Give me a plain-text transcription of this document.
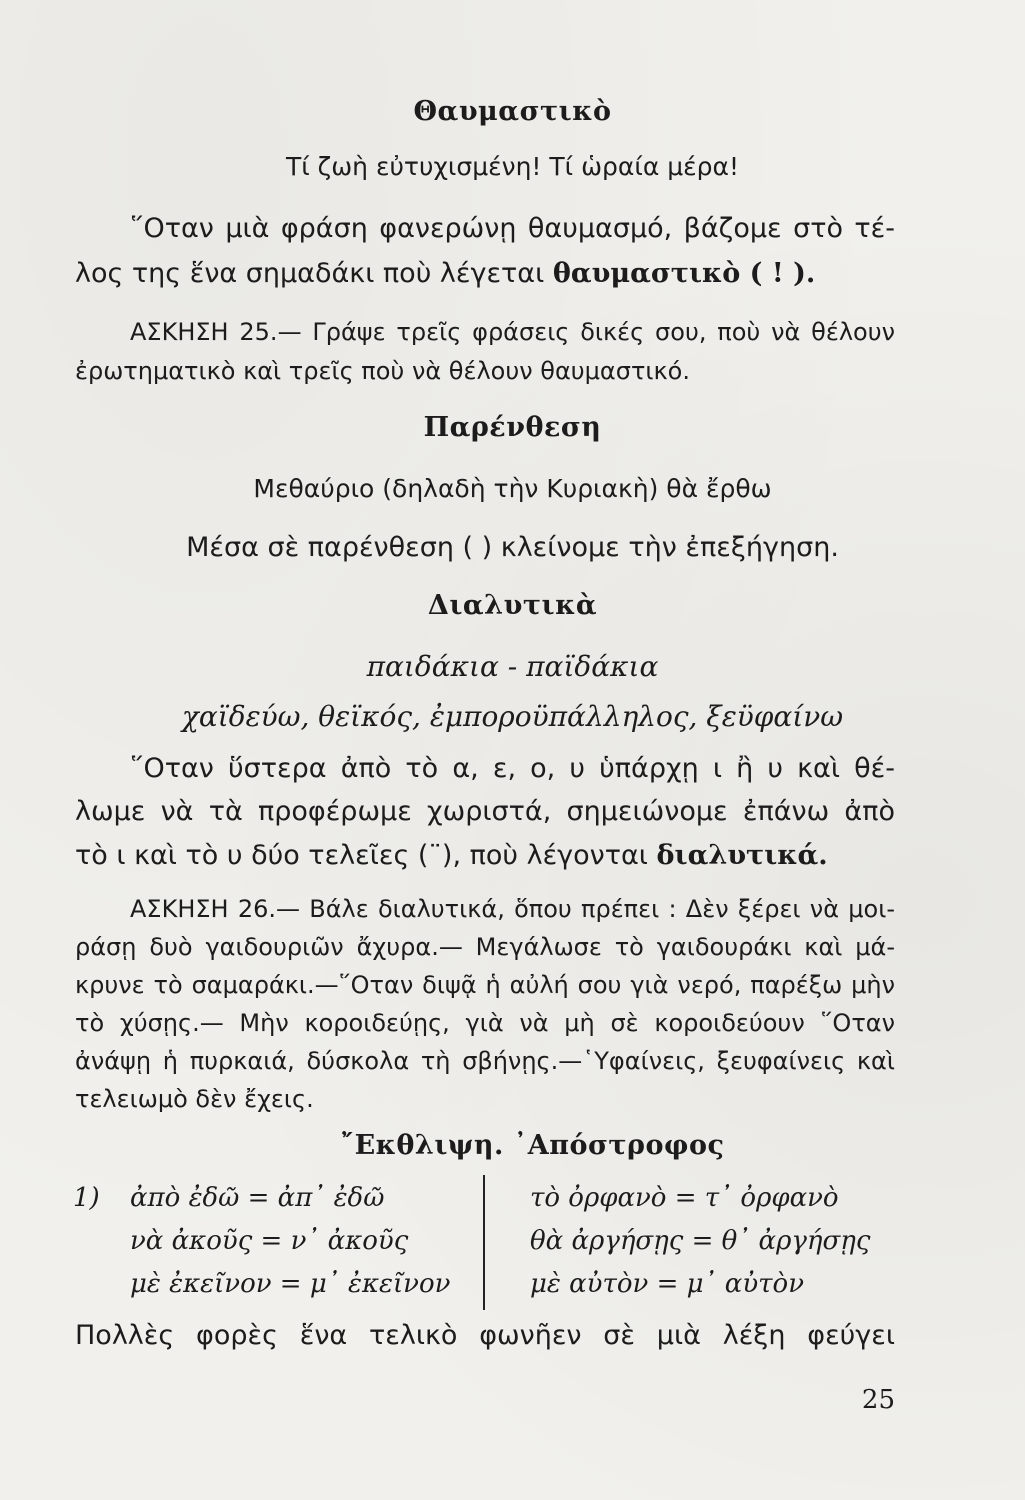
Θαυμαστικὸ
Τί ζωὴ εὐτυχισμένη! Τί ὡραία μέρα!
῞Οταν μιὰ φράση φανερώνῃ θαυμασμό, βάζομε στὸ τέ-
λος της ἕνα σημαδάκι ποὺ λέγεται θαυμαστικὸ ( ! ).
ΑΣΚΗΣΗ 25.— Γράψε τρεῖς φράσεις δικές σου, ποὺ νὰ θέλουν
ἐρωτηματικὸ καὶ τρεῖς ποὺ νὰ θέλουν θαυμαστικό.
Παρένθεση
Μεθαύριο (δηλαδὴ τὴν Κυριακὴ) θὰ ἔρθω
Μέσα σὲ παρένθεση ( ) κλείνομε τὴν ἐπεξήγηση.
Διαλυτικὰ
παιδάκια - παϊδάκια
χαϊδεύω, θεϊκός, ἐμποροϋπάλληλος, ξεϋφαίνω
῞Οταν ὕστερα ἀπὸ τὸ α, ε, ο, υ ὑπάρχῃ ι ἢ υ καὶ θέ-
λωμε νὰ τὰ προφέρωμε χωριστά, σημειώνομε ἐπάνω ἀπὸ
τὸ ι καὶ τὸ υ δύο τελεῖες (¨), ποὺ λέγονται διαλυτικά.
ΑΣΚΗΣΗ 26.— Βάλε διαλυτικά, ὅπου πρέπει : Δὲν ξέρει νὰ μοι-
ράσῃ δυὸ γαιδουριῶν ἄχυρα.— Μεγάλωσε τὸ γαιδουράκι καὶ μά-
κρυνε τὸ σαμαράκι.—῞Οταν διψᾷ ἡ αὐλή σου γιὰ νερό, παρέξω μὴν
τὸ χύσῃς.— Μὴν κοροιδεύῃς, γιὰ νὰ μὴ σὲ κοροιδεύουν ῞Οταν
ἀνάψῃ ἡ πυρκαιά, δύσκολα τὴ σβήνῃς.—῾Υφαίνεις, ξευφαίνεις καὶ
τελειωμὸ δὲν ἔχεις.
῎Εκθλιψη. ᾿Απόστροφος
1) ἀπὸ ἐδῶ = ἀπ᾿ ἐδῶ
νὰ ἀκοῦς = ν᾿ ἀκοῦς
μὲ ἐκεῖνον = μ᾿ ἐκεῖνον
τὸ ὀρφανὸ = τ᾿ ὀρφανὸ
θὰ ἀργήσῃς = θ᾿ ἀργήσῃς
μὲ αὐτὸν = μ᾿ αὐτὸν
Πολλὲς φορὲς ἕνα τελικὸ φωνῆεν σὲ μιὰ λέξη φεύγει
25
